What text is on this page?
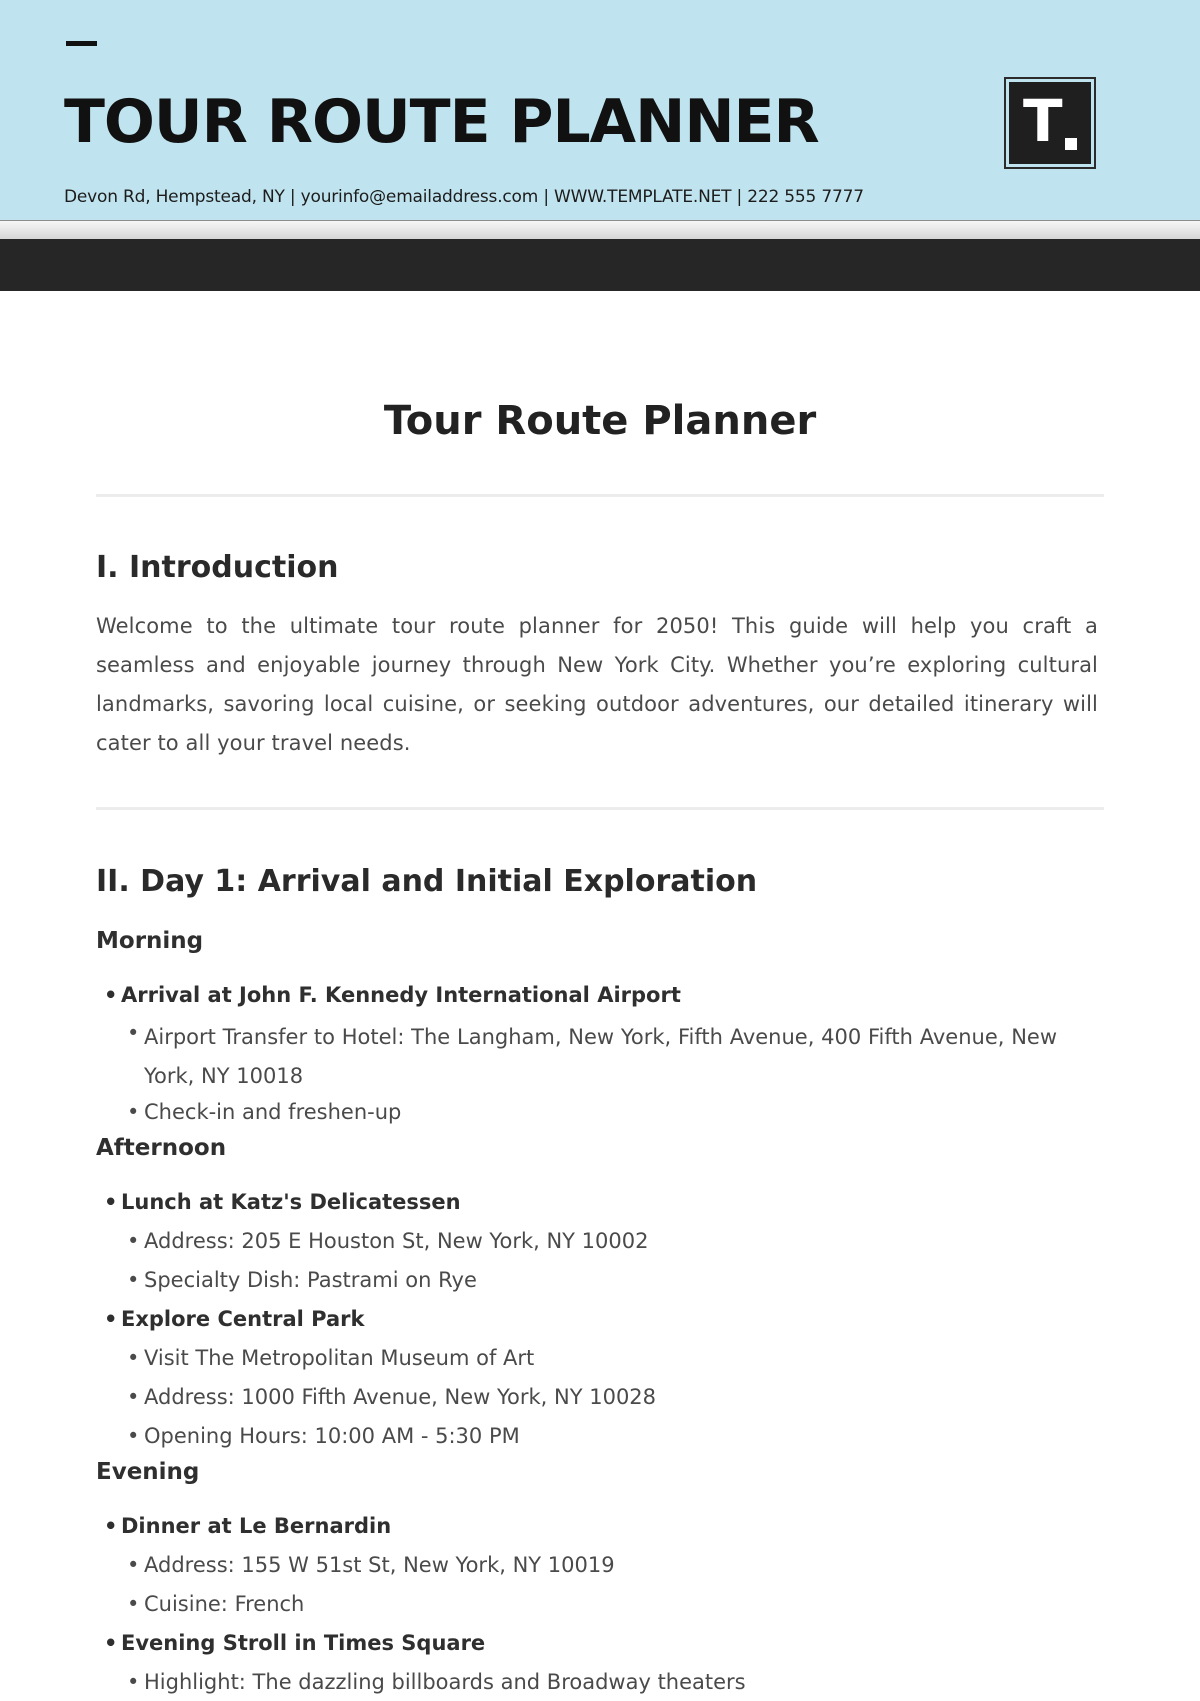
TOUR ROUTE PLANNER
Devon Rd, Hempstead, NY | yourinfo@emailaddress.com | WWW.TEMPLATE.NET | 222 555 7777
T
Tour Route Planner
I. Introduction

Welcome to the ultimate tour route planner for 2050! This guide will help you craft a seamless and enjoyable journey through New York City. Whether you’re exploring cultural landmarks, savoring local cuisine, or seeking outdoor adventures, our detailed itinerary will cater to all your travel needs.

II. Day 1: Arrival and Initial Exploration
Morning
• Arrival at John F. Kennedy International Airport
• Airport Transfer to Hotel: The Langham, New York, Fifth Avenue, 400 Fifth Avenue, New York, NY 10018
• Check-in and freshen-up
Afternoon
• Lunch at Katz's Delicatessen
• Address: 205 E Houston St, New York, NY 10002
• Specialty Dish: Pastrami on Rye
• Explore Central Park
• Visit The Metropolitan Museum of Art
• Address: 1000 Fifth Avenue, New York, NY 10028
• Opening Hours: 10:00 AM - 5:30 PM
Evening
• Dinner at Le Bernardin
• Address: 155 W 51st St, New York, NY 10019
• Cuisine: French
• Evening Stroll in Times Square
• Highlight: The dazzling billboards and Broadway theaters
